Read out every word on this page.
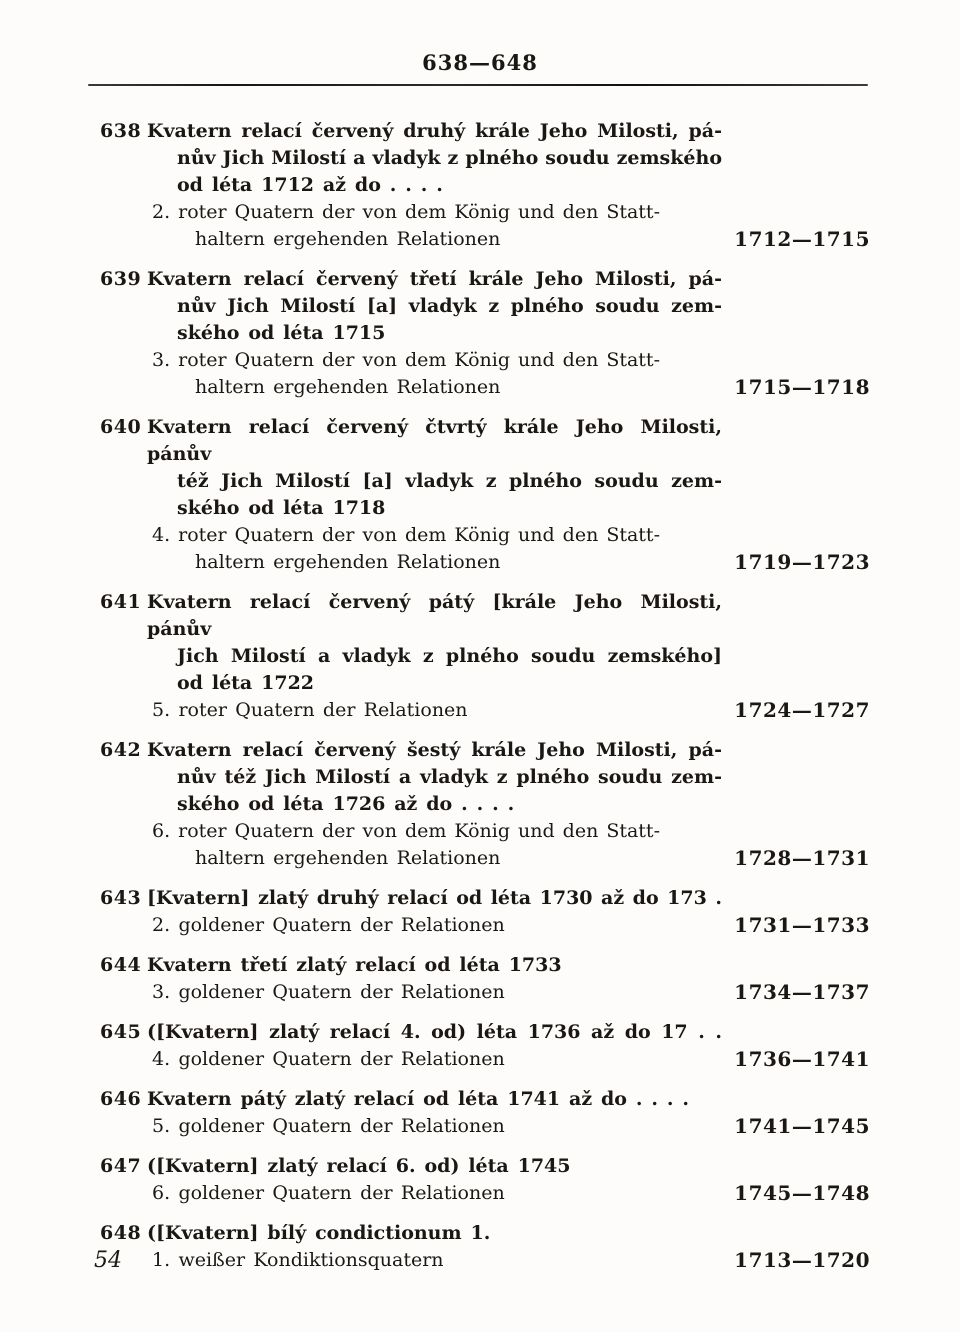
638—648
638 Kvatern relací červený druhý krále Jeho Milosti, pá-
nův Jich Milostí a vladyk z plného soudu zemského
od léta 1712 až do . . . .
2. roter Quatern der von dem König und den Statt-
haltern ergehenden Relationen	1712—1715
639 Kvatern relací červený třetí krále Jeho Milosti, pá-
nův Jich Milostí [a] vladyk z plného soudu zem-
ského od léta 1715
3. roter Quatern der von dem König und den Statt-
haltern ergehenden Relationen	1715—1718
640 Kvatern relací červený čtvrtý krále Jeho Milosti, pánův
též Jich Milostí [a] vladyk z plného soudu zem-
ského od léta 1718
4. roter Quatern der von dem König und den Statt-
haltern ergehenden Relationen	1719—1723
641 Kvatern relací červený pátý [krále Jeho Milosti, pánův
Jich Milostí a vladyk z plného soudu zemského]
od léta 1722
5. roter Quatern der Relationen	1724—1727
642 Kvatern relací červený šestý krále Jeho Milosti, pá-
nův též Jich Milostí a vladyk z plného soudu zem-
ského od léta 1726 až do . . . .
6. roter Quatern der von dem König und den Statt-
haltern ergehenden Relationen	1728—1731
643 [Kvatern] zlatý druhý relací od léta 1730 až do 173 .
2. goldener Quatern der Relationen	1731—1733
644 Kvatern třetí zlatý relací od léta 1733
3. goldener Quatern der Relationen	1734—1737
645 ([Kvatern] zlatý relací 4. od) léta 1736 až do 17 . .
4. goldener Quatern der Relationen	1736—1741
646 Kvatern pátý zlatý relací od léta 1741 až do . . . .
5. goldener Quatern der Relationen	1741—1745
647 ([Kvatern] zlatý relací 6. od) léta 1745
6. goldener Quatern der Relationen	1745—1748
648 ([Kvatern] bílý condictionum 1.
1. weißer Kondiktionsquatern	1713—1720
54
